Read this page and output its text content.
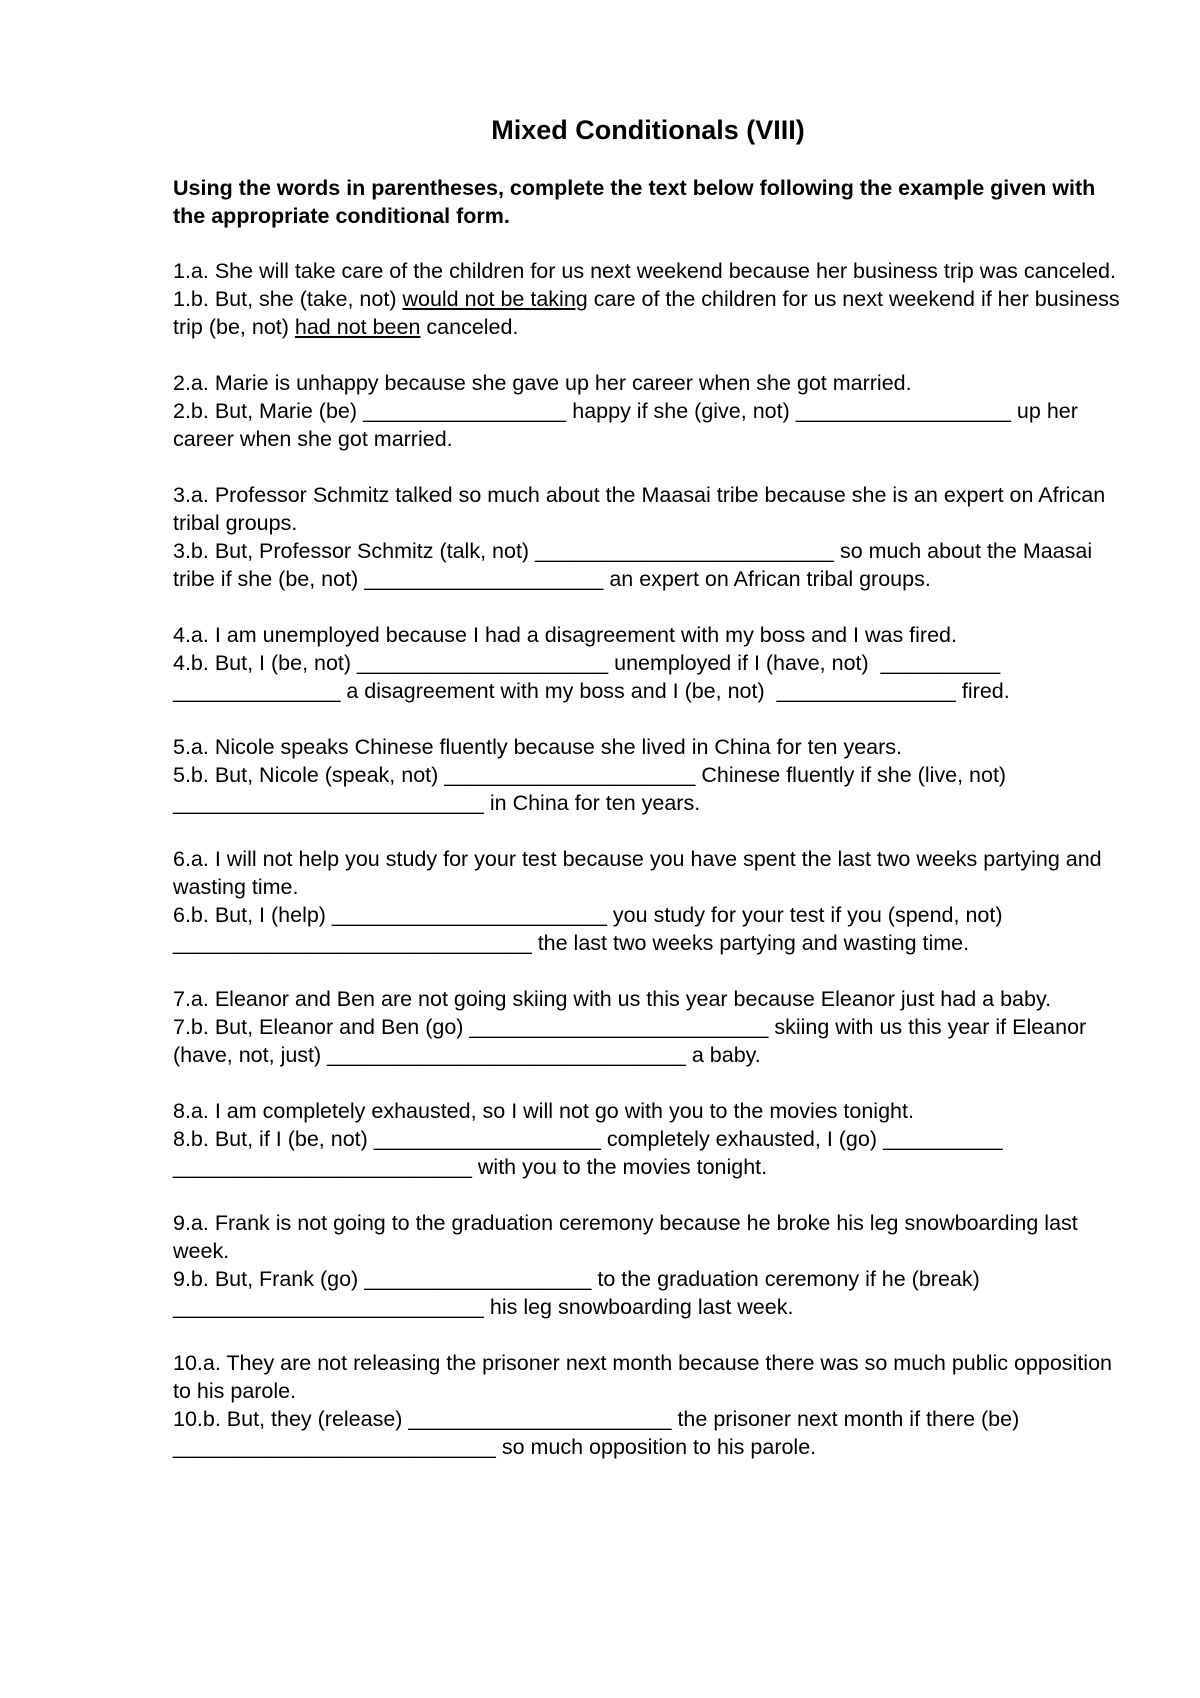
Mixed Conditionals (VIII)
Using the words in parentheses, complete the text below following the example given with the appropriate conditional form.
1.a. She will take care of the children for us next weekend because her business trip was canceled.
1.b. But, she (take, not) would not be taking care of the children for us next weekend if her business trip (be, not) had not been canceled.
2.a. Marie is unhappy because she gave up her career when she got married.
2.b. But, Marie (be) _________________ happy if she (give, not) __________________ up her career when she got married.
3.a. Professor Schmitz talked so much about the Maasai tribe because she is an expert on African tribal groups.
3.b. But, Professor Schmitz (talk, not) _________________________ so much about the Maasai tribe if she (be, not) ____________________ an expert on African tribal groups.
4.a. I am unemployed because I had a disagreement with my boss and I was fired.
4.b. But, I (be, not) _____________________ unemployed if I (have, not)  __________ ______________ a disagreement with my boss and I (be, not)  _______________ fired.
5.a. Nicole speaks Chinese fluently because she lived in China for ten years.
5.b. But, Nicole (speak, not) _____________________ Chinese fluently if she (live, not) __________________________ in China for ten years.
6.a. I will not help you study for your test because you have spent the last two weeks partying and wasting time.
6.b. But, I (help) _______________________ you study for your test if you (spend, not) ______________________________ the last two weeks partying and wasting time.
7.a. Eleanor and Ben are not going skiing with us this year because Eleanor just had a baby.
7.b. But, Eleanor and Ben (go) _________________________ skiing with us this year if Eleanor (have, not, just) ______________________________ a baby.
8.a. I am completely exhausted, so I will not go with you to the movies tonight.
8.b. But, if I (be, not) ___________________ completely exhausted, I (go) __________ _________________________ with you to the movies tonight.
9.a. Frank is not going to the graduation ceremony because he broke his leg snowboarding last week.
9.b. But, Frank (go) ___________________ to the graduation ceremony if he (break) __________________________ his leg snowboarding last week.
10.a. They are not releasing the prisoner next month because there was so much public opposition to his parole.
10.b. But, they (release) ______________________ the prisoner next month if there (be) ___________________________ so much opposition to his parole.
